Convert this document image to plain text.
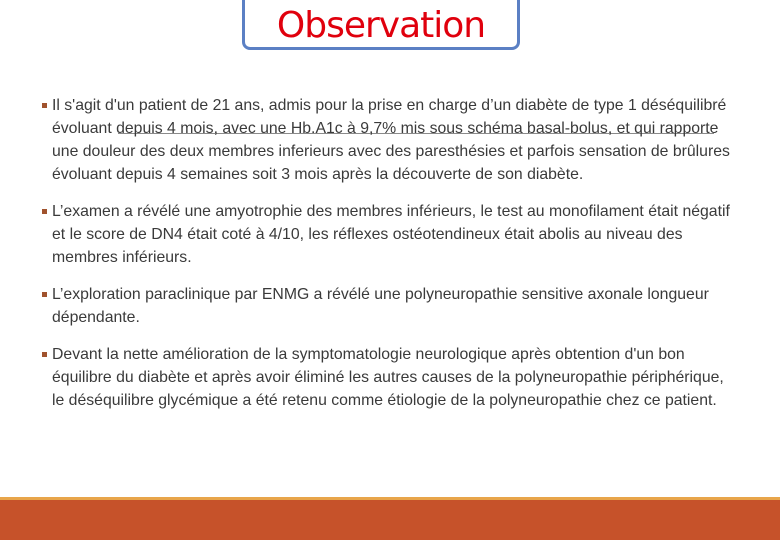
Observation
Il s'agit d'un patient de 21 ans, admis pour la prise en charge d’un diabète de type 1 déséquilibré évoluant depuis 4 mois, avec une Hb.A1c à 9,7% mis sous schéma basal-bolus, et qui rapporte une douleur des deux membres inferieurs avec des paresthésies et parfois sensation de brûlures évoluant depuis 4 semaines soit 3 mois après la découverte de son diabète.
L’examen a révélé une amyotrophie des membres inférieurs, le test au monofilament était négatif et le score de DN4 était coté à 4/10, les réflexes ostéotendineux était abolis au niveau des membres inférieurs.
L’exploration paraclinique par ENMG a révélé une polyneuropathie sensitive axonale longueur dépendante.
Devant la nette amélioration de la symptomatologie neurologique après obtention d'un bon équilibre du diabète et après avoir éliminé les autres causes de la polyneuropathie périphérique, le déséquilibre glycémique a été retenu comme étiologie de la polyneuropathie chez ce patient.
